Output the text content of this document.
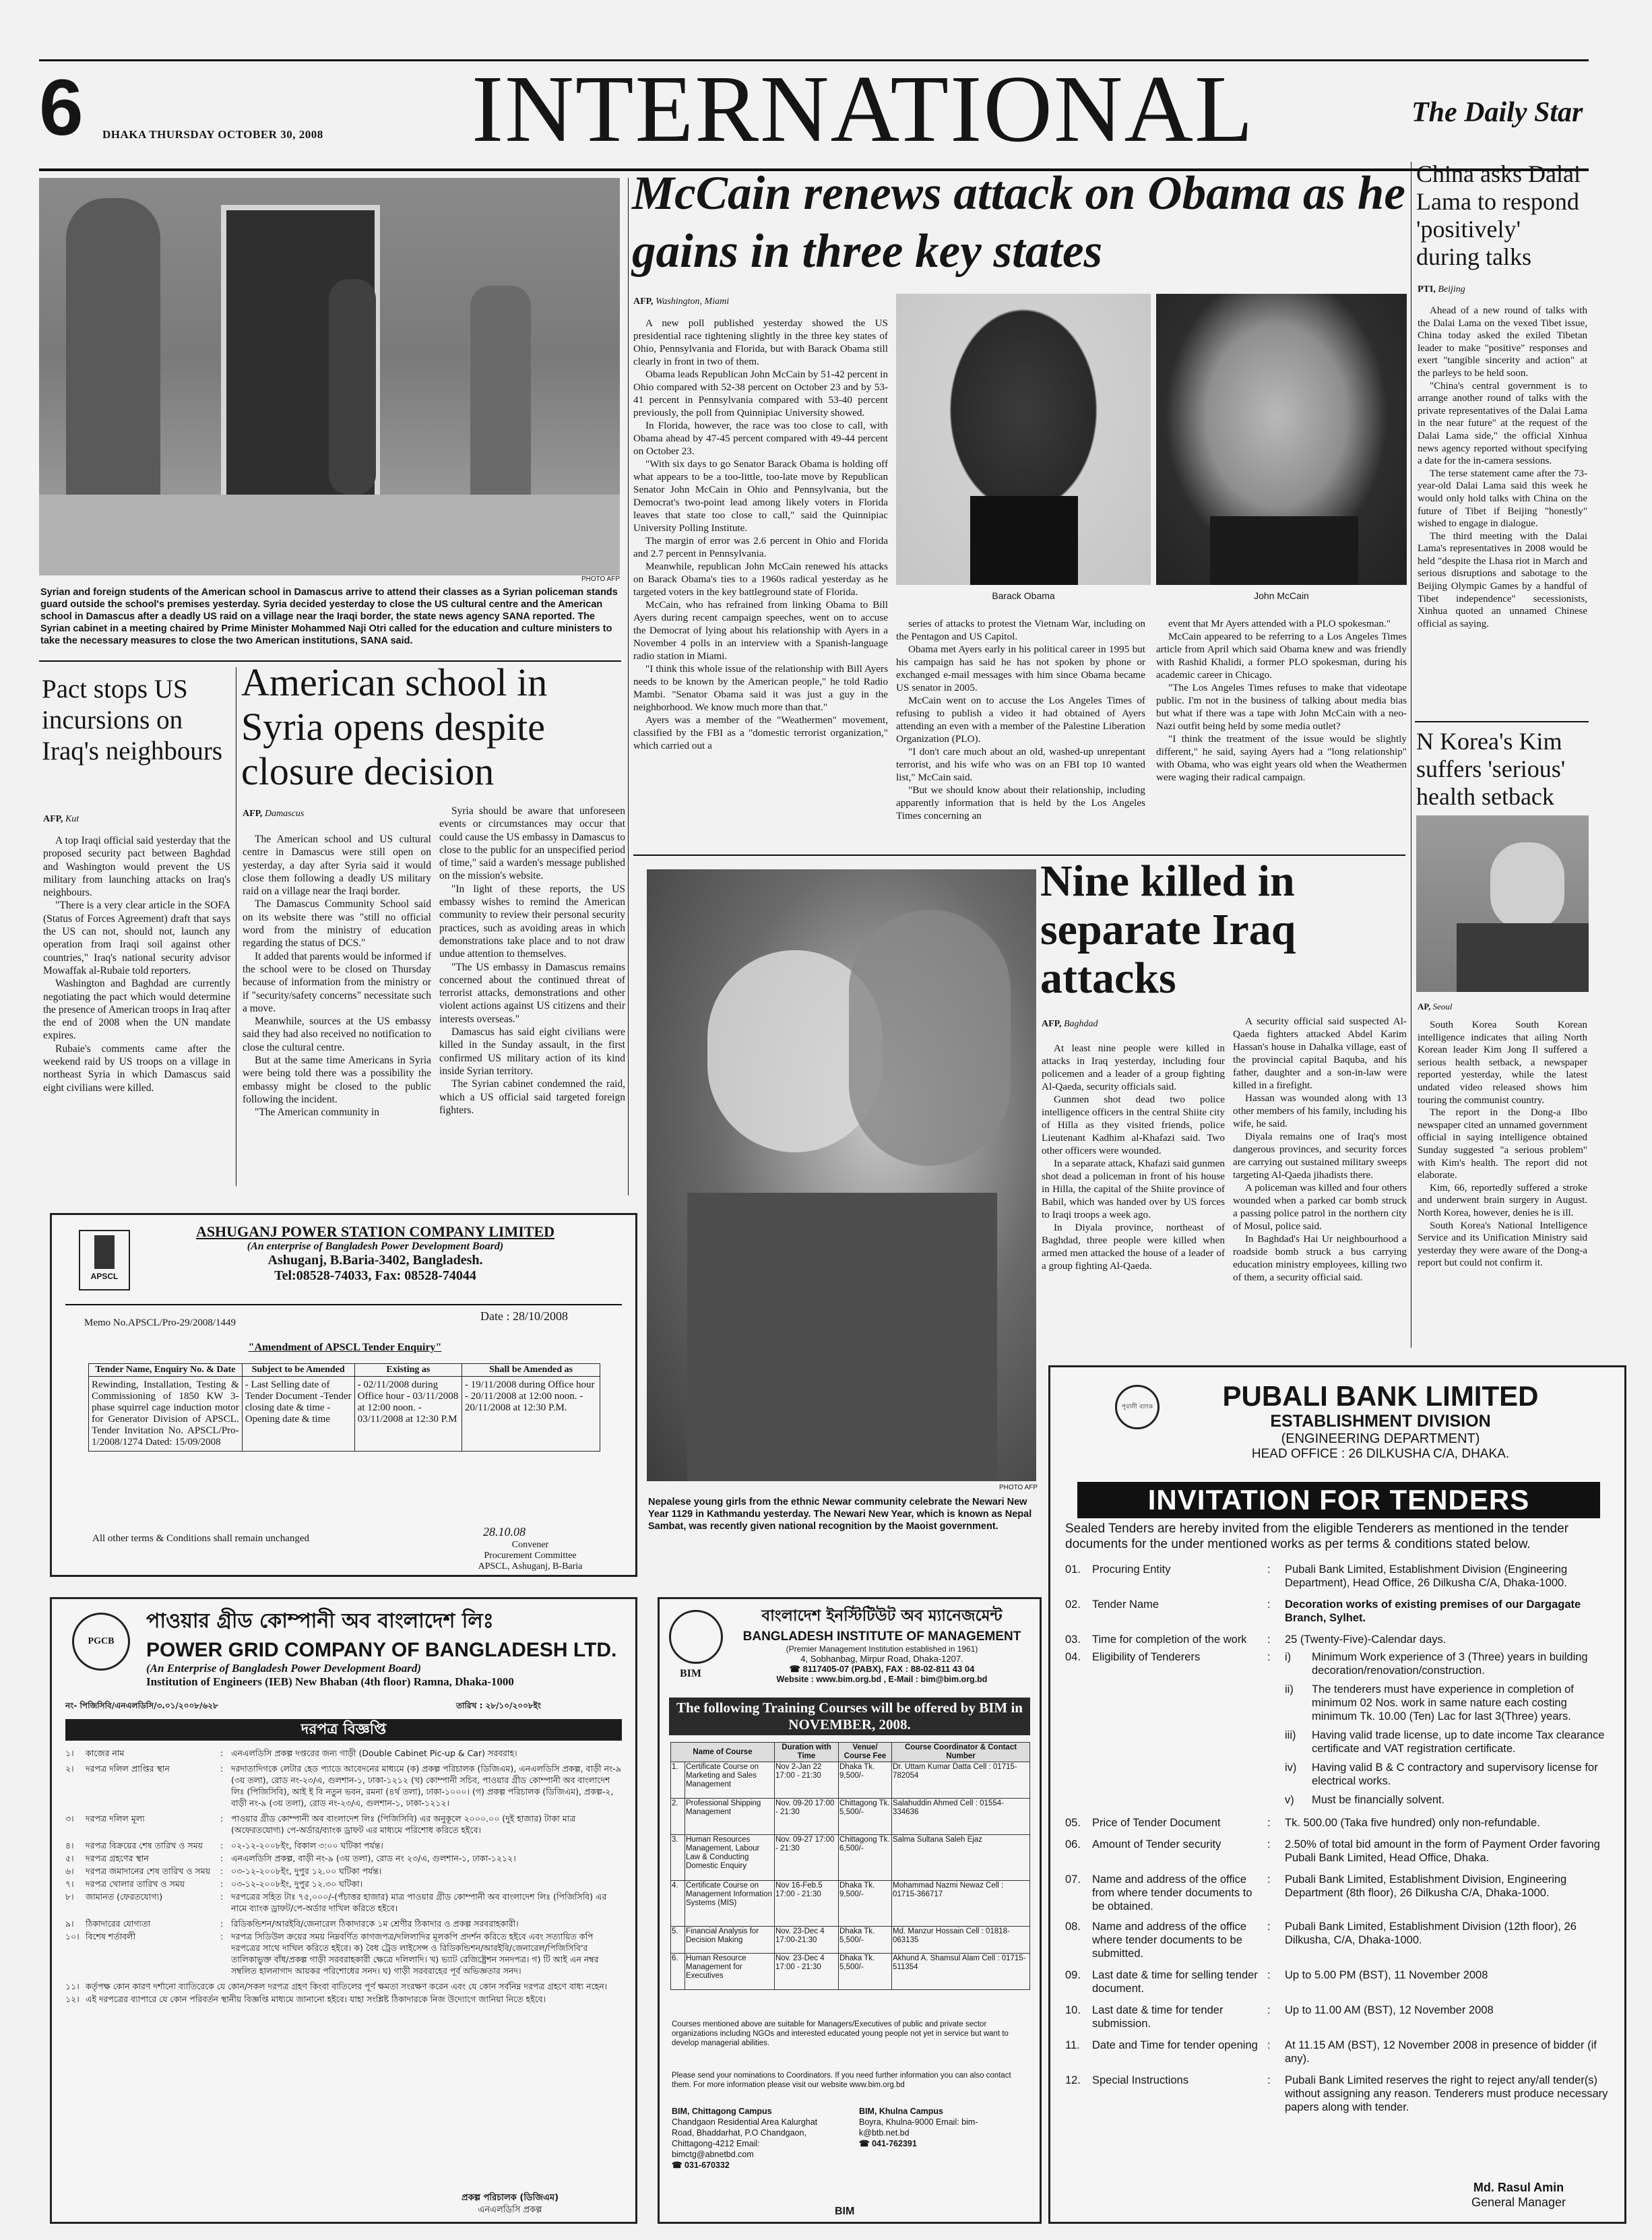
6 DHAKA THURSDAY OCTOBER 30, 2008 INTERNATIONAL	The Daily Star
PHOTO AFP

Syrian and foreign students of the American school in Damascus arrive to attend their classes as a Syrian policeman stands guard outside the school's premises yesterday. Syria decided yesterday to close the US cultural centre and the American school in Damascus after a deadly US raid on a village near the Iraqi border, the state news agency SANA reported. The Syrian cabinet in a meeting chaired by Prime Minister Mohammed Naji Otri called for the education and culture ministers to take the necessary measures to close the two American institutions, SANA said.

Pact stops US incursions on Iraq's neighbours
AFP, Kut

A top Iraqi official said yesterday that the proposed security pact between Baghdad and Washington would prevent the US military from launching attacks on Iraq's neighbours.

"There is a very clear article in the SOFA (Status of Forces Agreement) draft that says the US can not, should not, launch any operation from Iraqi soil against other countries," Iraq's national security advisor Mowaffak al-Rubaie told reporters.

Washington and Baghdad are currently negotiating the pact which would determine the presence of American troops in Iraq after the end of 2008 when the UN mandate expires.

Rubaie's comments came after the weekend raid by US troops on a village in northeast Syria in which Damascus said eight civilians were killed.

American school in Syria opens despite closure decision
AFP, Damascus

The American school and US cultural centre in Damascus were still open on yesterday, a day after Syria said it would close them following a deadly US military raid on a village near the Iraqi border.

The Damascus Community School said on its website there was "still no official word from the ministry of education regarding the status of DCS."

It added that parents would be informed if the school were to be closed on Thursday because of information from the ministry or if "security/safety concerns" necessitate such a move.

Meanwhile, sources at the US embassy said they had also received no notification to close the cultural centre.

But at the same time Americans in Syria were being told there was a possibility the embassy might be closed to the public following the incident.

"The American community in

Syria should be aware that unforeseen events or circumstances may occur that could cause the US embassy in Damascus to close to the public for an unspecified period of time," said a warden's message published on the mission's website.

"In light of these reports, the US embassy wishes to remind the American community to review their personal security practices, such as avoiding areas in which demonstrations take place and to not draw undue attention to themselves.

"The US embassy in Damascus remains concerned about the continued threat of terrorist attacks, demonstrations and other violent actions against US citizens and their interests overseas."

Damascus has said eight civilians were killed in the Sunday assault, in the first confirmed US military action of its kind inside Syrian territory.

The Syrian cabinet condemned the raid, which a US official said targeted foreign fighters.

McCain renews attack on Obama as he gains in three key states
AFP, Washington, Miami

A new poll published yesterday showed the US presidential race tightening slightly in the three key states of Ohio, Pennsylvania and Florida, but with Barack Obama still clearly in front in two of them.

Obama leads Republican John McCain by 51-42 percent in Ohio compared with 52-38 percent on October 23 and by 53-41 percent in Pennsylvania compared with 53-40 percent previously, the poll from Quinnipiac University showed.

In Florida, however, the race was too close to call, with Obama ahead by 47-45 percent compared with 49-44 percent on October 23.

"With six days to go Senator Barack Obama is holding off what appears to be a too-little, too-late move by Republican Senator John McCain in Ohio and Pennsylvania, but the Democrat's two-point lead among likely voters in Florida leaves that state too close to call," said the Quinnipiac University Polling Institute.

The margin of error was 2.6 percent in Ohio and Florida and 2.7 percent in Pennsylvania.

Meanwhile, republican John McCain renewed his attacks on Barack Obama's ties to a 1960s radical yesterday as he targeted voters in the key battleground state of Florida.

McCain, who has refrained from linking Obama to Bill Ayers during recent campaign speeches, went on to accuse the Democrat of lying about his relationship with Ayers in a November 4 polls in an interview with a Spanish-language radio station in Miami.

"I think this whole issue of the relationship with Bill Ayers needs to be known by the American people," he told Radio Mambi. "Senator Obama said it was just a guy in the neighborhood. We know much more than that."

Ayers was a member of the "Weathermen" movement, classified by the FBI as a "domestic terrorist organization," which carried out a

Barack Obama	John McCain

series of attacks to protest the Vietnam War, including on the Pentagon and US Capitol.

Obama met Ayers early in his political career in 1995 but his campaign has said he has not spoken by phone or exchanged e-mail messages with him since Obama became US senator in 2005.

McCain went on to accuse the Los Angeles Times of refusing to publish a video it had obtained of Ayers attending an even with a member of the Palestine Liberation Organization (PLO).

"I don't care much about an old, washed-up unrepentant terrorist, and his wife who was on an FBI top 10 wanted list," McCain said.

"But we should know about their relationship, including apparently information that is held by the Los Angeles Times concerning an

event that Mr Ayers attended with a PLO spokesman."

McCain appeared to be referring to a Los Angeles Times article from April which said Obama knew and was friendly with Rashid Khalidi, a former PLO spokesman, during his academic career in Chicago.

"The Los Angeles Times refuses to make that videotape public. I'm not in the business of talking about media bias but what if there was a tape with John McCain with a neo-Nazi outfit being held by some media outlet?

"I think the treatment of the issue would be slightly different," he said, saying Ayers had a "long relationship" with Obama, who was eight years old when the Weathermen were waging their radical campaign.

China asks Dalai Lama to respond 'positively' during talks
PTI, Beijing

Ahead of a new round of talks with the Dalai Lama on the vexed Tibet issue, China today asked the exiled Tibetan leader to make "positive" responses and exert "tangible sincerity and action" at the parleys to be held soon.

"China's central government is to arrange another round of talks with the private representatives of the Dalai Lama in the near future" at the request of the Dalai Lama side," the official Xinhua news agency reported without specifying a date for the in-camera sessions.

The terse statement came after the 73-year-old Dalai Lama said this week he would only hold talks with China on the future of Tibet if Beijing "honestly" wished to engage in dialogue.

The third meeting with the Dalai Lama's representatives in 2008 would be held "despite the Lhasa riot in March and serious disruptions and sabotage to the Beijing Olympic Games by a handful of Tibet independence" secessionists, Xinhua quoted an unnamed Chinese official as saying.

N Korea's Kim suffers 'serious' health setback
AP, Seoul

South Korea South Korean intelligence indicates that ailing North Korean leader Kim Jong Il suffered a serious health setback, a newspaper reported yesterday, while the latest undated video released shows him touring the communist country.

The report in the Dong-a Ilbo newspaper cited an unnamed government official in saying intelligence obtained Sunday suggested "a serious problem" with Kim's health. The report did not elaborate.

Kim, 66, reportedly suffered a stroke and underwent brain surgery in August. North Korea, however, denies he is ill.

South Korea's National Intelligence Service and its Unification Ministry said yesterday they were aware of the Dong-a report but could not confirm it.

PHOTO AFP

Nepalese young girls from the ethnic Newar community celebrate the Newari New Year 1129 in Kathmandu yesterday. The Newari New Year, which is known as Nepal Sambat, was recently given national recognition by the Maoist government.

Nine killed in separate Iraq attacks
AFP, Baghdad

At least nine people were killed in attacks in Iraq yesterday, including four policemen and a leader of a group fighting Al-Qaeda, security officials said.

Gunmen shot dead two police intelligence officers in the central Shiite city of Hilla as they visited friends, police Lieutenant Kadhim al-Khafazi said. Two other officers were wounded.

In a separate attack, Khafazi said gunmen shot dead a policeman in front of his house in Hilla, the capital of the Shiite province of Babil, which was handed over by US forces to Iraqi troops a week ago.

In Diyala province, northeast of Baghdad, three people were killed when armed men attacked the house of a leader of a group fighting Al-Qaeda.

A security official said suspected Al-Qaeda fighters attacked Abdel Karim Hassan's house in Dahalka village, east of the provincial capital Baquba, and his father, daughter and a son-in-law were killed in a firefight.

Hassan was wounded along with 13 other members of his family, including his wife, he said.

Diyala remains one of Iraq's most dangerous provinces, and security forces are carrying out sustained military sweeps targeting Al-Qaeda jihadists there.

A policeman was killed and four others wounded when a parked car bomb struck a passing police patrol in the northern city of Mosul, police said.

In Baghdad's Hai Ur neighbourhood a roadside bomb struck a bus carrying education ministry employees, killing two of them, a security official said.

APSCL
ASHUGANJ POWER STATION COMPANY LIMITED
(An enterprise of Bangladesh Power Development Board)
Ashuganj, B.Baria-3402, Bangladesh.
Tel:08528-74033, Fax: 08528-74044
Memo No.APSCL/Pro-29/2008/1449	Date : 28/10/2008
"Amendment of APSCL Tender Enquiry"
Tender Name, Enquiry No. & Date	Subject to be Amended	Existing as	Shall be Amended as
Rewinding, Installation, Testing & Commissioning of 1850 KW 3-phase squirrel cage induction motor for Generator Division of APSCL. Tender Invitation No. APSCL/Pro-1/2008/1274 Dated: 15/09/2008	- Last Selling date of Tender Document -Tender closing date & time -Opening date & time	- 02/11/2008 during Office hour - 03/11/2008 at 12:00 noon. - 03/11/2008 at 12:30 P.M	- 19/11/2008 during Office hour - 20/11/2008 at 12:00 noon. - 20/11/2008 at 12:30 P.M.
All other terms & Conditions shall remain unchanged	28.10.08
Convener
Procurement Committee
APSCL, Ashuganj, B-Baria
PGCB
পাওয়ার গ্রীড কোম্পানী অব বাংলাদেশ লিঃ
POWER GRID COMPANY OF BANGLADESH LTD.
(An Enterprise of Bangladesh Power Development Board)
Institution of Engineers (IEB) New Bhaban (4th floor) Ramna, Dhaka-1000
নং- পিজিসিবি/এনএলডিসি/৩.০১/২০০৮/৬২৮	তারিখ : ২৮/১০/২০০৮ইং
দরপত্র বিজ্ঞপ্তি
১।	কাজের নাম	: এনএলডিসি প্রকল্প দপ্তরের জন্য গাড়ী (Double Cabinet Pic-up & Car) সরবরাহ।
২।	দরপত্র দলিল প্রাপ্তির স্থান	: দরদাতাদিগকে লেটার হেড প্যাডে আবেদনের মাধ্যমে (ক) প্রকল্প পরিচালক (ডিজিএম), এনএলডিসি প্রকল্প, বাড়ী নং-৯ (৩য় তলা), রোড নং-২৩/এ, গুলশান-১, ঢাকা-১২১২ (খ) কোম্পানী সচিব, পাওয়ার গ্রীড কোম্পানী অব বাংলাদেশ লিঃ (পিজিসিবি), আই ই বি নতুন ভবন, রমনা (৪র্থ তলা), ঢাকা-১০০০। (গ) প্রকল্প পরিচালক (ডিজিএম), প্রকল্প-২, বাড়ী নং-৯ (৩য় তলা), রোড নং-২৩/এ, গুলশান-১, ঢাকা-১২১২।
৩।	দরপত্র দলিল মূল্য	: পাওয়ার গ্রীড কোম্পানী অব বাংলাদেশ লিঃ (পিজিসিবি) এর অনুকূলে ২০০০.০০ (দুই হাজার) টাকা মাত্র (অফেরতযোগ্য) পে-অর্ডার/ব্যাংক ড্রাফট এর মাধ্যমে পরিশোধ করিতে হইবে।
৪।	দরপত্র বিক্রয়ের শেষ তারিখ ও সময়	: ০২-১২-২০০৮ইং, বিকাল ৩:০০ ঘটিকা পর্যন্ত।
৫।	দরপত্র গ্রহণের স্থান	: এনএলডিসি প্রকল্প, বাড়ী নং-৯ (৩য় তলা), রোড নং ২৩/এ, গুলশান-১, ঢাকা-১২১২।
৬।	দরপত্র জমাদানের শেষ তারিখ ও সময়	: ০৩-১২-২০০৮ইং, দুপুর ১২.০০ ঘটিকা পর্যন্ত।
৭।	দরপত্র খোলার তারিখ ও সময়	: ০৩-১২-২০০৮ইং, দুপুর ১২.৩০ ঘটিকা।
৮।	জামানত (ফেরতযোগ্য)	: দরপত্রের সহিত টাঃ ৭৫,০০০/-(পঁচাত্তর হাজার) মাত্র পাওয়ার গ্রীড কোম্পানী অব বাংলাদেশ লিঃ (পিজিসিবি) এর নামে ব্যাংক ড্রাফট/পে-অর্ডার দাখিল করিতে হইবে।
৯।	ঠিকাদারের যোগ্যতা	: রিডিকন্ডিশন/আরইবি/জেনারেল ঠিকাদারকে ১ম শ্রেণীর ঠিকাদার ও প্রকল্প সরবরাহকারী।
১০। বিশেষ শর্তাবলী	: দরপত্র সিডিউল ক্রয়ের সময় নিম্নবর্ণিত কাগজপত্র/দলিলাদির মূলকপি প্রদর্শন করিতে হইবে এবং সত্যায়িত কপি দরপত্রের সাথে দাখিল করিতে হইবে। ক) বৈধ ট্রেড লাইসেন্স ও রিডিকন্ডিশন/আরইবি/জেনারেল/পিজিসিবি'র তালিকাভুক্ত বাঁধ/প্রকল্প গাড়ী সরবরাহকারী ক্ষেত্রে দলিলাদি। খ) ভ্যাট রেজিষ্ট্রেশন সনদপত্র। গ) টি আই এন নম্বর সম্বলিত হালনাগাদ আয়কর পরিশোধের সনদ। ঘ) গাড়ী সরবরাহের পূর্ব অভিজ্ঞতার সনদ।
১১। কর্তৃপক্ষ কোন কারণ দর্শানো ব্যাতিরেকে যে কোন/সকল দরপত্র গ্রহণ কিংবা বাতিলের পূর্ণ ক্ষমতা সংরক্ষণ করেন এবং যে কোন সর্বনিম্ন দরপত্র গ্রহণে বাধ্য নহেন।
১২। এই দরপত্রের ব্যাপারে যে কোন পরিবর্তন স্থানীয় বিজ্ঞপ্তি মাধ্যমে জানানো হইবে। যাহা সংশ্লিষ্ট ঠিকাদারকে নিজ উদ্যোগে জানিয়া নিতে হইবে।
প্রকল্প পরিচালক (ডিজিএম)
এনএলডিসি প্রকল্প
BIM
বাংলাদেশ ইনস্টিটিউট অব ম্যানেজমেন্ট
BANGLADESH INSTITUTE OF MANAGEMENT
(Premier Management Institution established in 1961)
4, Sobhanbag, Mirpur Road, Dhaka-1207.
☎ 8117405-07 (PABX), FAX : 88-02-811 43 04
Website : www.bim.org.bd , E-Mail : bim@bim.org.bd
The following Training Courses will be offered by BIM in NOVEMBER, 2008.
Name of Course		Duration with Time	Venue/ Course Fee	Course Coordinator & Contact Number
1.	Certificate Course on Marketing and Sales Management	Nov 2-Jan 22 17:00 - 21:30	Dhaka Tk. 9,500/-	Dr. Uttam Kumar Datta Cell : 01715-782054
2.	Professional Shipping Management	Nov. 09-20 17:00 - 21:30	Chittagong Tk. 5,500/-	Salahuddin Ahmed Cell : 01554-334636
3.	Human Resources Management, Labour Law & Conducting Domestic Enquiry	Nov. 09-27 17:00 - 21:30	Chittagong Tk. 6,500/-	Salma Sultana Saleh Ejaz
4.	Certificate Course on Management Information Systems (MIS)	Nov 16-Feb.5 17:00 - 21:30	Dhaka Tk. 9,500/-	Mohammad Nazmi Newaz Cell : 01715-366717
5.	Financial Analysis for Decision Making	Nov. 23-Dec 4 17:00-21:30	Dhaka Tk. 5,500/-	Md. Manzur Hossain Cell : 01818-063135
6.	Human Resource Management for Executives	Nov. 23-Dec 4 17:00 - 21:30	Dhaka Tk. 5,500/-	Akhund A. Shamsul Alam Cell : 01715-511354
Courses mentioned above are suitable for Managers/Executives of public and private sector organizations including NGOs and interested educated young people not yet in service but want to develop managerial abilities.
Please send your nominations to Coordinators. If you need further information you can also contact them. For more information please visit our website www.bim.org.bd
BIM, Chittagong Campus
Chandgaon Residential Area Kalurghat Road, Bhaddarhat, P.O Chandgaon, Chittagong-4212 Email: bimctg@abnetbd.com
☎ 031-670332
BIM, Khulna Campus
Boyra, Khulna-9000 Email: bim-k@btb.net.bd
☎ 041-762391
BIM
পূবালী ব্যাংক	PUBALI BANK LIMITED
ESTABLISHMENT DIVISION
(ENGINEERING DEPARTMENT)
HEAD OFFICE : 26 DILKUSHA C/A, DHAKA.
INVITATION FOR TENDERS
Sealed Tenders are hereby invited from the eligible Tenderers as mentioned in the tender documents for the under mentioned works as per terms & conditions stated below.
01.	Procuring Entity	:	Pubali Bank Limited, Establishment Division (Engineering Department), Head Office, 26 Dilkusha C/A, Dhaka-1000.
02.	Tender Name	:	Decoration works of existing premises of our Dargagate Branch, Sylhet.
03.	Time for completion of the work	:	25 (Twenty-Five)-Calendar days.
04.	Eligibility of Tenderers	:	i)	Minimum Work experience of 3 (Three) years in building decoration/renovation/construction.
ii)	The tenderers must have experience in completion of minimum 02 Nos. work in same nature each costing minimum Tk. 10.00 (Ten) Lac for last 3(Three) years.
iii)	Having valid trade license, up to date income Tax clearance certificate and VAT registration certificate.
iv)	Having valid B & C contractory and supervisory license for electrical works.
v)	Must be financially solvent.
05.	Price of Tender Document	:	Tk. 500.00 (Taka five hundred) only non-refundable.
06.	Amount of Tender security	:	2.50% of total bid amount in the form of Payment Order favoring Pubali Bank Limited, Head Office, Dhaka.
07.	Name and address of the office from where tender documents to be obtained.
:	Pubali Bank Limited, Establishment Division, Engineering Department (8th floor), 26 Dilkusha C/A, Dhaka-1000.
08.	Name and address of the office where tender documents to be submitted.
:	Pubali Bank Limited, Establishment Division (12th floor), 26 Dilkusha, C/A, Dhaka-1000.
09.	Last date & time for selling tender document.
:	Up to 5.00 PM (BST), 11 November 2008
10.	Last date & time for tender submission.
:	Up to 11.00 AM (BST), 12 November 2008
11.	Date and Time for tender opening :	At 11.15 AM (BST), 12 November 2008 in presence of bidder (if any).
12.	Special Instructions	:	Pubali Bank Limited reserves the right to reject any/all tender(s) without assigning any reason. Tenderers must produce necessary papers along with tender.
Md. Rasul Amin
General Manager
